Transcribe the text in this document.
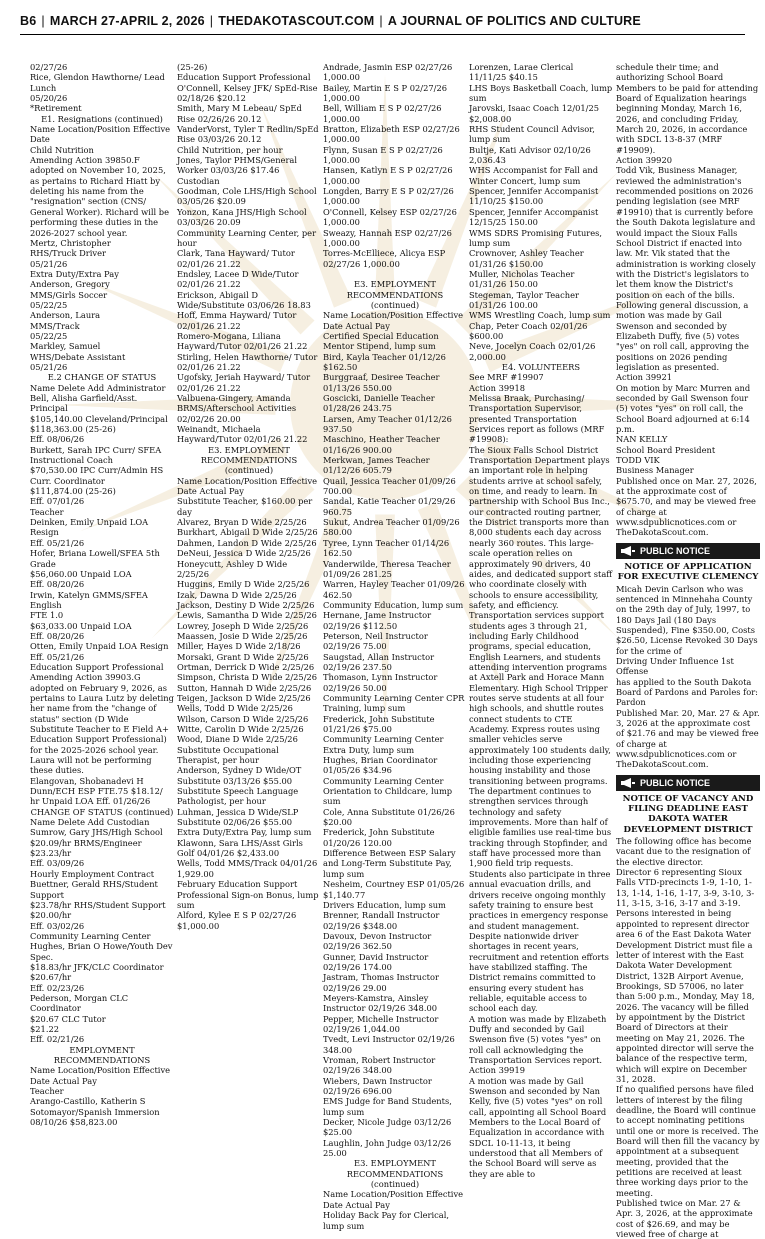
B6 | MARCH 27-APRIL 2, 2026 | THEDAKOTASCOUT.COM | A JOURNAL OF POLITICS AND CULTURE

02/27/26

Rice, Glendon Hawthorne/ Lead Lunch

05/20/26

*Retirement

E1. Resignations (continued)

Name Location/Position Effective Date

Child Nutrition

Amending Action 39850.F adopted on November 10, 2025, as pertains to Richard Hiatt by deleting his name from the "resignation" section (CNS/ General Worker). Richard will be performing these duties in the 2026-2027 school year.

Mertz, Christopher

RHS/Truck Driver

05/21/26

Extra Duty/Extra Pay

Anderson, Gregory

MMS/Girls Soccer

05/22/25

Anderson, Laura

MMS/Track

05/22/25

Markley, Samuel

WHS/Debate Assistant

05/21/26

E.2 CHANGE OF STATUS

Name Delete Add Administrator

Bell, Alisha Garfield/Asst. Principal

$105,140.00 Cleveland/Principal

$118,363.00 (25-26)

Eff. 08/06/26

Burkett, Sarah IPC Curr/ SFEA

Instructional Coach

$70,530.00 IPC Curr/Admin HS Curr. Coordinator

$111,874.00 (25-26)

Eff. 07/01/26

Teacher

Deinken, Emily Unpaid LOA Resign

Eff. 05/21/26

Hofer, Briana Lowell/SFEA 5th Grade

$56,060.00 Unpaid LOA

Eff. 08/20/26

Irwin, Katelyn GMMS/SFEA English

FTE 1.0

$63,033.00 Unpaid LOA

Eff. 08/20/26

Otten, Emily Unpaid LOA Resign

Eff. 05/21/26

Education Support Professional

Amending Action 39903.G adopted on February 9, 2026, as pertains to Laura Lutz by deleting her name from the "change of status" section (D Wide Substitute Teacher to E Field A+ Education Support Professional) for the 2025-2026 school year. Laura will not be performing these duties.

Elangovan, Shobanadevi H Dunn/ECH ESP FTE.75 $18.12/ hr Unpaid LOA Eff. 01/26/26

CHANGE OF STATUS (continued)

Name Delete Add Custodian

Sumrow, Gary JHS/High School

$20.09/hr BRMS/Engineer

$23.23/hr

Eff. 03/09/26

Hourly Employment Contract

Buettner, Gerald RHS/Student Support

$23.78/hr RHS/Student Support

$20.00/hr

Eff. 03/02/26

Community Learning Center

Hughes, Brian O Howe/Youth Dev Spec.

$18.83/hr JFK/CLC Coordinator

$20.67/hr

Eff. 02/23/26

Pederson, Morgan CLC Coordinator

$20.67 CLC Tutor

$21.22

Eff. 02/21/26

EMPLOYMENT RECOMMENDATIONS

Name Location/Position Effective Date Actual Pay

Teacher

Arango-Castillo, Katherin S Sotomayor/Spanish Immersion 08/10/26 $58,823.00

(25-26)

Education Support Professional

O'Connell, Kelsey JFK/ SpEd-Rise 02/18/26 $20.12

Smith, Mary M Lebeau/ SpEd Rise 02/26/26 20.12

VanderVorst, Tyler T Redlin/SpEd Rise 03/03/26 20.12

Child Nutrition, per hour

Jones, Taylor PHMS/General Worker 03/03/26 $17.46

Custodian

Goodman, Cole LHS/High School 03/05/26 $20.09

Yonzon, Kana JHS/High School 03/03/26 20.09

Community Learning Center, per hour

Clark, Tana Hayward/ Tutor 02/01/26 21.22

Endsley, Lacee D Wide/Tutor 02/01/26 21.22

Erickson, Abigail D Wide/Substitute 03/06/26 18.83

Hoff, Emma Hayward/ Tutor 02/01/26 21.22

Romero-Mogana, Liliana Hayward/Tutor 02/01/26 21.22

Stirling, Helen Hawthorne/ Tutor 02/01/26 21.22

Ugofsky, Jeriah Hayward/ Tutor 02/01/26 21.22

Valbuena-Gingery, Amanda BRMS/Afterschool Activities 02/02/26 20.00

Weinandt, Michaela Hayward/Tutor 02/01/26 21.22

E3. EMPLOYMENT RECOMMENDATIONS (continued)

Name Location/Position Effective Date Actual Pay

Substitute Teacher, $160.00 per day

Alvarez, Bryan D Wide 2/25/26

Burkhart, Abigail D Wide 2/25/26

Dahmen, Landon D Wide 2/25/26

DeNeui, Jessica D Wide 2/25/26

Honeycutt, Ashley D Wide 2/25/26

Huggins, Emily D Wide 2/25/26

Izak, Dawna D Wide 2/25/26

Jackson, Destiny D Wide 2/25/26

Lewis, Samantha D Wide 2/25/26

Lowrey, Joseph D Wide 2/25/26

Maassen, Josie D Wide 2/25/26

Miller, Hayes D Wide 2/18/26

Morsaki, Grant D Wide 2/25/26

Ortman, Derrick D Wide 2/25/26

Simpson, Christa D Wide 2/25/26

Sutton, Hannah D Wide 2/25/26

Teigen, Jackson D Wide 2/25/26

Wells, Todd D Wide 2/25/26

Wilson, Carson D Wide 2/25/26

Witte, Carolin D Wide 2/25/26

Wood, Diane D Wide 2/25/26

Substitute Occupational Therapist, per hour

Anderson, Sydney D Wide/OT Substitute 03/13/26 $55.00

Substitute Speech Language Pathologist, per hour

Luhman, Jessica D Wide/SLP Substitute 02/06/26 $55.00

Extra Duty/Extra Pay, lump sum

Klawonn, Sara LHS/Asst Girls Golf 04/01/26 $2,433.00

Wells, Todd MMS/Track 04/01/26 1,929.00

February Education Support Professional Sign-on Bonus, lump sum

Alford, Kylee E S P 02/27/26 $1,000.00

Andrade, Jasmin ESP 02/27/26 1,000.00

Bailey, Martin E S P 02/27/26 1,000.00

Bell, William E S P 02/27/26 1,000.00

Bratton, Elizabeth ESP 02/27/26 1,000.00

Flynn, Susan E S P 02/27/26 1,000.00

Hansen, Katlyn E S P 02/27/26 1,000.00

Longden, Barry E S P 02/27/26 1,000.00

O'Connell, Kelsey ESP 02/27/26 1,000.00

Sweazy, Hannah ESP 02/27/26 1,000.00

Torres-McElliece, Alicya ESP 02/27/26 1,000.00

E3. EMPLOYMENT RECOMMENDATIONS (continued)

Name Location/Position Effective Date Actual Pay

Certified Special Education Mentor Stipend, lump sum

Bird, Kayla Teacher 01/12/26 $162.50

Burggraaf, Desiree Teacher 01/13/26 550.00

Goscicki, Danielle Teacher 01/28/26 243.75

Larsen, Amy Teacher 01/12/26 937.50

Maschino, Heather Teacher 01/16/26 900.00

Merkwan, James Teacher 01/12/26 605.79

Quail, Jessica Teacher 01/09/26 700.00

Sandal, Katie Teacher 01/29/26 960.75

Sukut, Andrea Teacher 01/09/26 580.00

Tyree, Lynn Teacher 01/14/26 162.50

Vanderwilde, Theresa Teacher 01/09/26 281.25

Warren, Hayley Teacher 01/09/26 462.50

Community Education, lump sum

Hernane, Jame Instructor 02/19/26 $112.50

Peterson, Neil Instructor 02/19/26 75.00

Saugstad, Allan Instructor 02/19/26 237.50

Thomason, Lynn Instructor 02/19/26 50.00

Community Learning Center CPR Training, lump sum

Frederick, John Substitute 01/21/26 $75.00

Community Learning Center Extra Duty, lump sum

Hughes, Brian Coordinator 01/05/26 $34.96

Community Learning Center Orientation to Childcare, lump sum

Cole, Anna Substitute 01/26/26 $20.00

Frederick, John Substitute 01/20/26 120.00

Difference Between ESP Salary and Long-Term Substitute Pay, lump sum

Nesheim, Courtney ESP 01/05/26 $1,140.77

Drivers Education, lump sum

Brenner, Randall Instructor 02/19/26 $348.00

Davoux, Devon Instructor 02/19/26 362.50

Gunner, David Instructor 02/19/26 174.00

Jastram, Thomas Instructor 02/19/26 29.00

Meyers-Kamstra, Ainsley Instructor 02/19/26 348.00

Pepper, Michelle Instructor 02/19/26 1,044.00

Tvedt, Levi Instructor 02/19/26 348.00

Vroman, Robert Instructor 02/19/26 348.00

Wiebers, Dawn Instructor 02/19/26 696.00

EMS Judge for Band Students, lump sum

Decker, Nicole Judge 03/12/26 $25.00

Laughlin, John Judge 03/12/26 25.00

E3. EMPLOYMENT RECOMMENDATIONS (continued)

Name Location/Position Effective Date Actual Pay

Holiday Back Pay for Clerical, lump sum

Lorenzen, Larae Clerical 11/11/25 $40.15

LHS Boys Basketball Coach, lump sum

Jarovski, Isaac Coach 12/01/25 $2,008.00

RHS Student Council Advisor, lump sum

Bultje, Kati Advisor 02/10/26 2,036.43

WHS Accompanist for Fall and Winter Concert, lump sum

Spencer, Jennifer Accompanist 11/10/25 $150.00

Spencer, Jennifer Accompanist 12/15/25 150.00

WMS SDRS Promising Futures, lump sum

Crownover, Ashley Teacher 01/31/26 $150.00

Muller, Nicholas Teacher 01/31/26 150.00

Stegeman, Taylor Teacher 01/31/26 100.00

WMS Wrestling Coach, lump sum

Chap, Peter Coach 02/01/26 $600.00

Neve, Jocelyn Coach 02/01/26 2,000.00

E4. VOLUNTEERS

See MRF #19907

Action 39918

Melissa Braak, Purchasing/ Transportation Supervisor, presented Transportation Services report as follows (MRF #19908):

The Sioux Falls School District Transportation Department plays an important role in helping students arrive at school safely, on time, and ready to learn. In partnership with School Bus Inc., our contracted routing partner, the District transports more than 8,000 students each day across nearly 360 routes. This large-scale operation relies on approximately 90 drivers, 40 aides, and dedicated support staff who coordinate closely with schools to ensure accessibility, safety, and efficiency.

Transportation services support students ages 3 through 21, including Early Childhood programs, special education, English Learners, and students attending intervention programs at Axtell Park and Horace Mann Elementary. High School Tripper routes serve students at all four high schools, and shuttle routes connect students to CTE Academy. Express routes using smaller vehicles serve approximately 100 students daily, including those experiencing housing instability and those transitioning between programs.

The department continues to strengthen services through technology and safety improvements. More than half of eligible families use real-time bus tracking through Stopfinder, and staff have processed more than 1,900 field trip requests. Students also participate in three annual evacuation drills, and drivers receive ongoing monthly safety training to ensure best practices in emergency response and student management.

Despite nationwide driver shortages in recent years, recruitment and retention efforts have stabilized staffing. The District remains committed to ensuring every student has reliable, equitable access to school each day.

A motion was made by Elizabeth Duffy and seconded by Gail Swenson five (5) votes "yes" on roll call acknowledging the Transportation Services report.

Action 39919

A motion was made by Gail Swenson and seconded by Nan Kelly, five (5) votes "yes" on roll call, appointing all School Board Members to the Local Board of Equalization in accordance with SDCL 10-11-13, it being understood that all Members of the School Board will serve as they are able to

schedule their time; and authorizing School Board Members to be paid for attending Board of Equalization hearings beginning Monday, March 16, 2026, and concluding Friday, March 20, 2026, in accordance with SDCL 13-8-37 (MRF #19909).

Action 39920

Todd Vik, Business Manager, reviewed the administration's recommended positions on 2026 pending legislation (see MRF #19910) that is currently before the South Dakota legislature and would impact the Sioux Falls School District if enacted into law. Mr. Vik stated that the administration is working closely with the District's legislators to let them know the District's position on each of the bills.

Following general discussion, a motion was made by Gail Swenson and seconded by Elizabeth Duffy, five (5) votes "yes" on roll call, approving the positions on 2026 pending legislation as presented.

Action 39921

On motion by Marc Murren and seconded by Gail Swenson four (5) votes "yes" on roll call, the School Board adjourned at 6:14 p.m.

NAN KELLY

School Board President

TODD VIK

Business Manager

Published once on Mar. 27, 2026, at the approximate cost of $675.70, and may be viewed free of charge at www.sdpublicnotices.com or TheDakotaScout.com.

PUBLIC NOTICE

NOTICE OF APPLICATION FOR EXECUTIVE CLEMENCY

Micah Devin Carlson who was sentenced in Minnehaha County on the 29th day of July, 1997, to 180 Days Jail (180 Days Suspended), Fine $350.00, Costs $26.50, License Revoked 30 Days for the crime of

Driving Under Influence 1st Offense

has applied to the South Dakota Board of Pardons and Paroles for: Pardon

Published Mar. 20, Mar. 27 & Apr. 3, 2026 at the approximate cost of $21.76 and may be viewed free of charge at www.sdpublicnotices.com or TheDakotaScout.com.

PUBLIC NOTICE

NOTICE OF VACANCY AND FILING DEADLINE EAST DAKOTA WATER DEVELOPMENT DISTRICT

The following office has become vacant due to the resignation of the elective director.

Director 6 representing Sioux Falls VTD-precincts 1-9, 1-10, 1-13, 1-14, 1-16, 1-17, 3-9, 3-10, 3-11, 3-15, 3-16, 3-17 and 3-19.

Persons interested in being appointed to represent director area 6 of the East Dakota Water Development District must file a letter of interest with the East Dakota Water Development District, 132B Airport Avenue, Brookings, SD 57006, no later than 5:00 p.m., Monday, May 18, 2026. The vacancy will be filled by appointment by the District Board of Directors at their meeting on May 21, 2026. The appointed director will serve the balance of the respective term, which will expire on December 31, 2028.

If no qualified persons have filed letters of interest by the filing deadline, the Board will continue to accept nominating petitions until one or more is received. The Board will then fill the vacancy by appointment at a subsequent meeting, provided that the petitions are received at least three working days prior to the meeting.

Published twice on Mar. 27 & Apr. 3, 2026, at the approximate cost of $26.69, and may be viewed free of charge at
